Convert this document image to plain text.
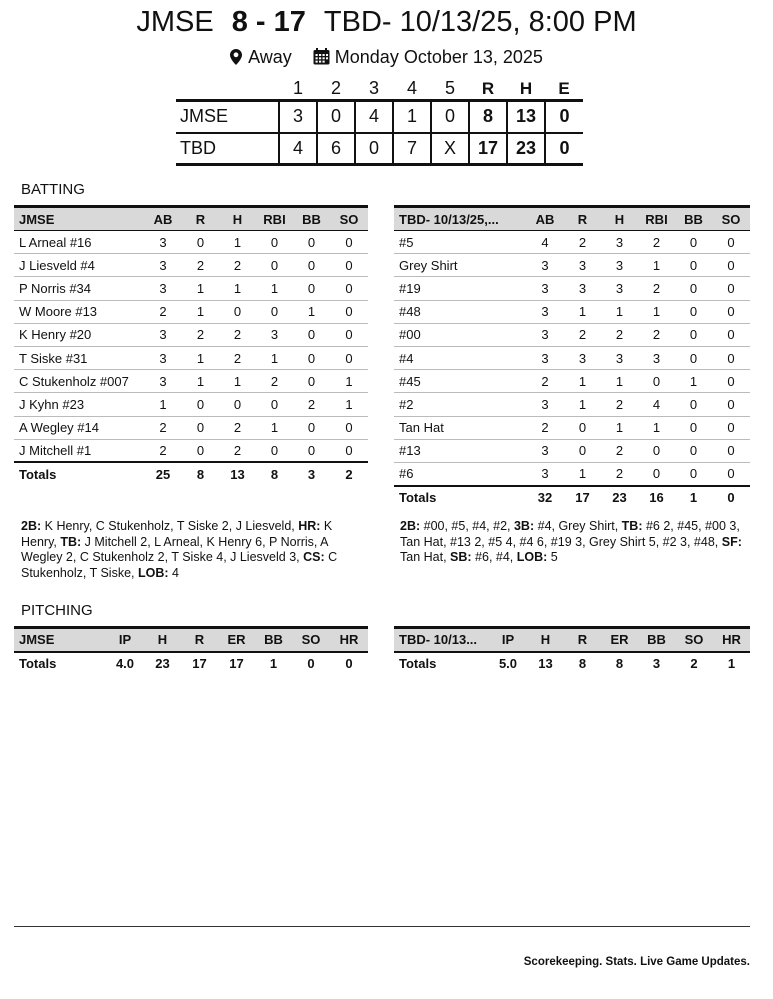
JMSE 8 - 17 TBD- 10/13/25, 8:00 PM
Away Monday October 13, 2025
	1	2	3	4	5	R	H	E
JMSE	3	0	4	1	0	8	13	0
TBD	4	6	0	7	X	17	23	0
BATTING
JMSE	AB	R	H	RBI	BB	SO
L Arneal #16	3	0	1	0	0	0
J Liesveld #4	3	2	2	0	0	0
P Norris #34	3	1	1	1	0	0
W Moore #13	2	1	0	0	1	0
K Henry #20	3	2	2	3	0	0
T Siske #31	3	1	2	1	0	0
C Stukenholz #007	3	1	1	2	0	1
J Kyhn #23	1	0	0	0	2	1
A Wegley #14	2	0	2	1	0	0
J Mitchell #1	2	0	2	0	0	0
Totals	25	8	13	8	3	2
TBD- 10/13/25,...	AB	R	H	RBI	BB	SO
#5	4	2	3	2	0	0
Grey Shirt	3	3	3	1	0	0
#19	3	3	3	2	0	0
#48	3	1	1	1	0	0
#00	3	2	2	2	0	0
#4	3	3	3	3	0	0
#45	2	1	1	0	1	0
#2	3	1	2	4	0	0
Tan Hat	2	0	1	1	0	0
#13	3	0	2	0	0	0
#6	3	1	2	0	0	0
Totals	32	17	23	16	1	0
2B: K Henry, C Stukenholz, T Siske 2, J Liesveld, HR: K Henry, TB: J Mitchell 2, L Arneal, K Henry 6, P Norris, A Wegley 2, C Stukenholz 2, T Siske 4, J Liesveld 3, CS: C Stukenholz, T Siske, LOB: 4
2B: #00, #5, #4, #2, 3B: #4, Grey Shirt, TB: #6 2, #45, #00 3, Tan Hat, #13 2, #5 4, #4 6, #19 3, Grey Shirt 5, #2 3, #48, SF: Tan Hat, SB: #6, #4, LOB: 5
PITCHING
JMSE	IP	H	R	ER	BB	SO	HR
Totals	4.0	23	17	17	1	0	0
TBD- 10/13...	IP	H	R	ER	BB	SO	HR
Totals	5.0	13	8	8	3	2	1
Scorekeeping. Stats. Live Game Updates.
